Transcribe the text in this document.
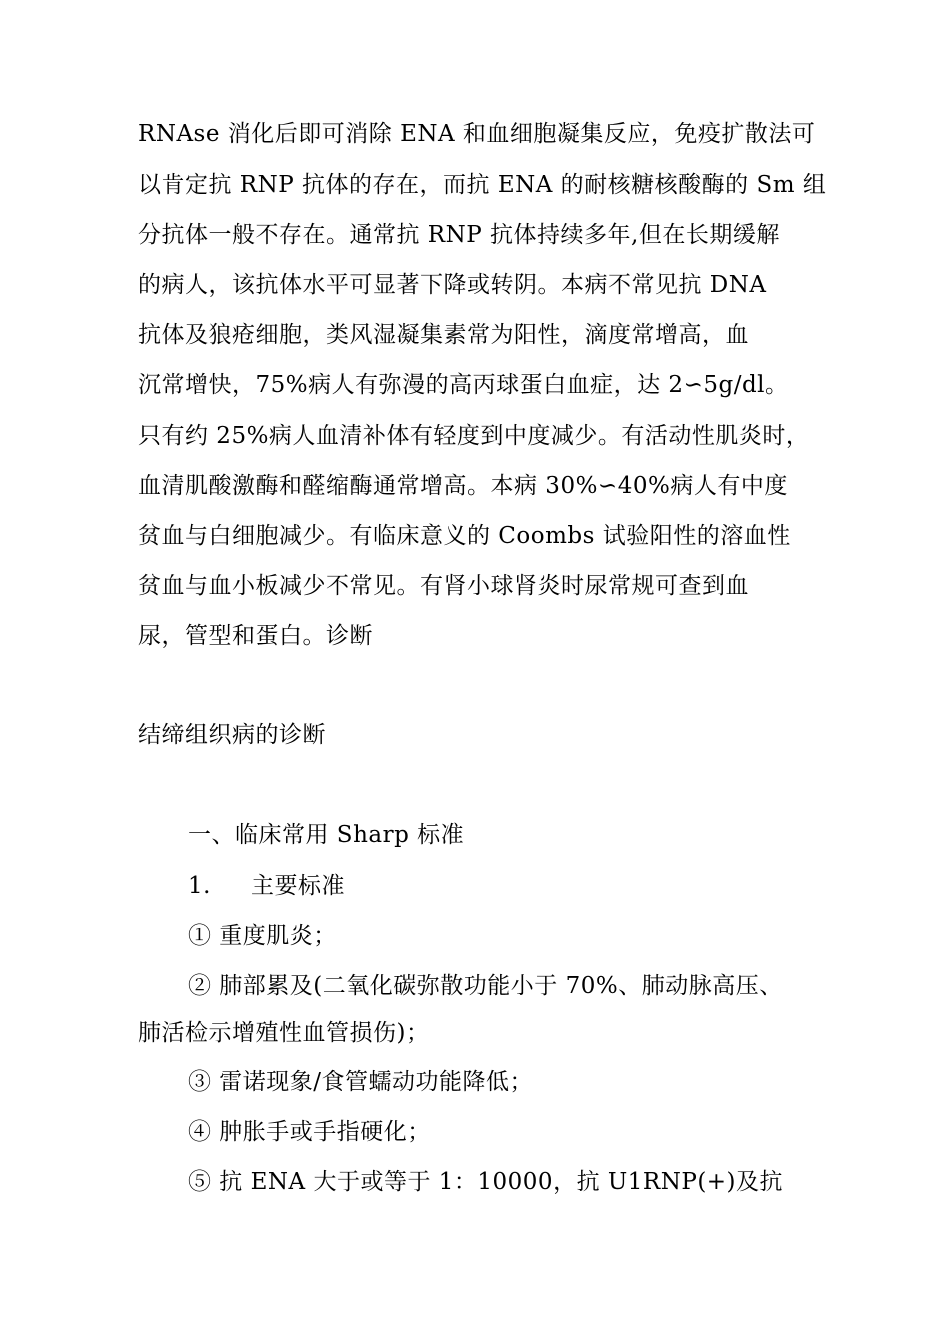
RNAse 消化后即可消除 ENA 和血细胞凝集反应，免疫扩散法可
以肯定抗 RNP 抗体的存在，而抗 ENA 的耐核糖核酸酶的 Sm 组
分抗体一般不存在。通常抗 RNP 抗体持续多年,但在长期缓解
的病人，该抗体水平可显著下降或转阴。本病不常见抗 DNA
抗体及狼疮细胞，类风湿凝集素常为阳性，滴度常增高，血
沉常增快，75%病人有弥漫的高丙球蛋白血症，达 2∽5g/dl。
只有约 25%病人血清补体有轻度到中度减少。有活动性肌炎时，
血清肌酸激酶和醛缩酶通常增高。本病 30%∽40%病人有中度
贫血与白细胞减少。有临床意义的 Coombs 试验阳性的溶血性
贫血与血小板减少不常见。有肾小球肾炎时尿常规可查到血
尿，管型和蛋白。诊断
结缔组织病的诊断
一、临床常用 Sharp 标准
1. 主要标准
① 重度肌炎；
② 肺部累及(二氧化碳弥散功能小于 70%、肺动脉高压、
肺活检示增殖性血管损伤)；
③ 雷诺现象/食管蠕动功能降低；
④ 肿胀手或手指硬化；
⑤ 抗 ENA 大于或等于 1：10000，抗 U1RNP(+)及抗
